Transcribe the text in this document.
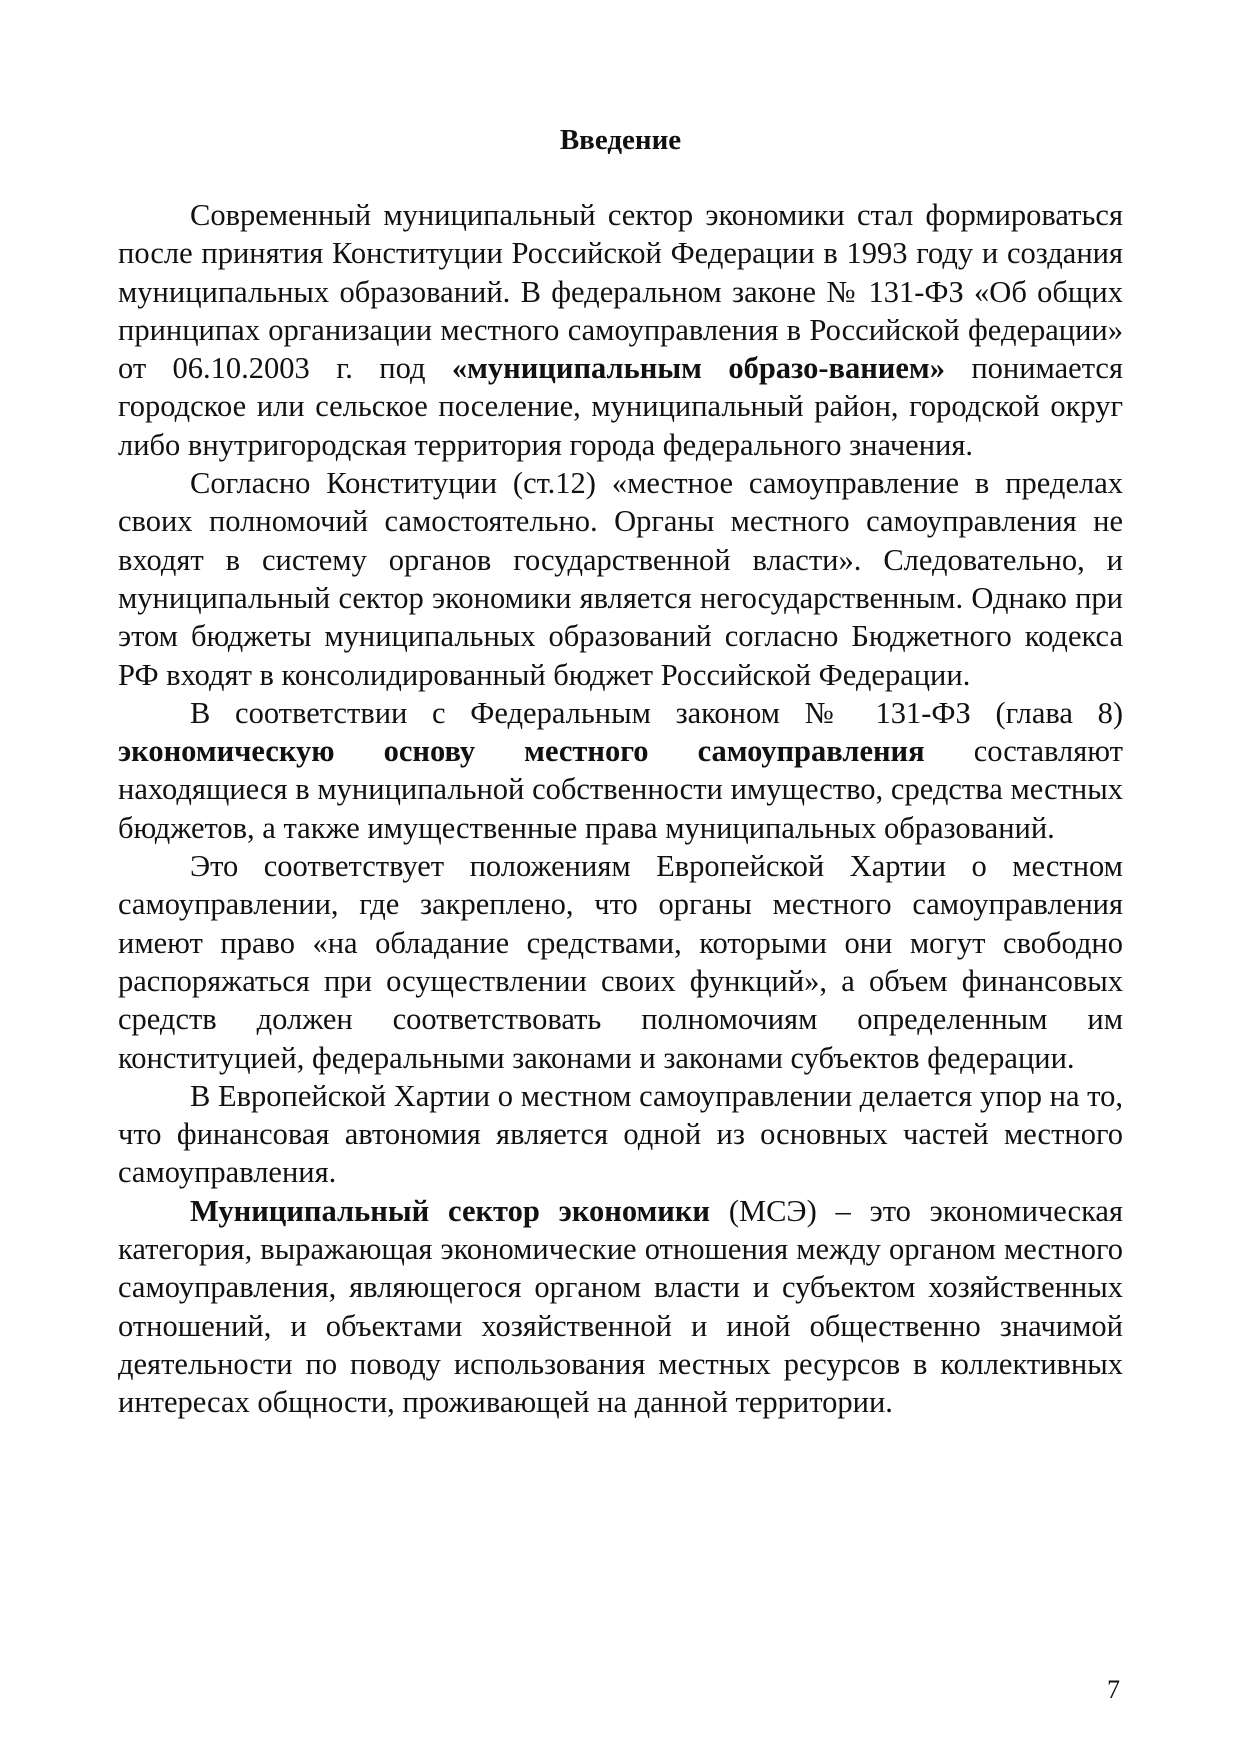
Введение

Современный муниципальный сектор экономики стал формироваться после принятия Конституции Российской Федерации в 1993 году и создания муниципальных образований. В федеральном законе № 131-ФЗ «Об общих принципах организации местного самоуправления в Российской федерации» от 06.10.2003 г. под «муниципальным образо-ванием» понимается городское или сельское поселение, муниципальный район, городской округ либо внутригородская территория города федерального значения.

Согласно Конституции (ст.12) «местное самоуправление в пределах своих полномочий самостоятельно. Органы местного самоуправления не входят в систему органов государственной власти». Следовательно, и муниципальный сектор экономики является негосударственным. Однако при этом бюджеты муниципальных образований согласно Бюджетного кодекса РФ входят в консолидированный бюджет Российской Федерации.

В соответствии с Федеральным законом № 131-ФЗ (глава 8) экономическую основу местного самоуправления составляют находящиеся в муниципальной собственности имущество, средства местных бюджетов, а также имущественные права муниципальных образований.

Это соответствует положениям Европейской Хартии о местном самоуправлении, где закреплено, что органы местного самоуправления имеют право «на обладание средствами, которыми они могут свободно распоряжаться при осуществлении своих функций», а объем финансовых средств должен соответствовать полномочиям определенным им конституцией, федеральными законами и законами субъектов федерации.

В Европейской Хартии о местном самоуправлении делается упор на то, что финансовая автономия является одной из основных частей местного самоуправления.

Муниципальный сектор экономики (МСЭ) – это экономическая категория, выражающая экономические отношения между органом местного самоуправления, являющегося органом власти и субъектом хозяйственных отношений, и объектами хозяйственной и иной общественно значимой деятельности по поводу использования местных ресурсов в коллективных интересах общности, проживающей на данной территории.

7
